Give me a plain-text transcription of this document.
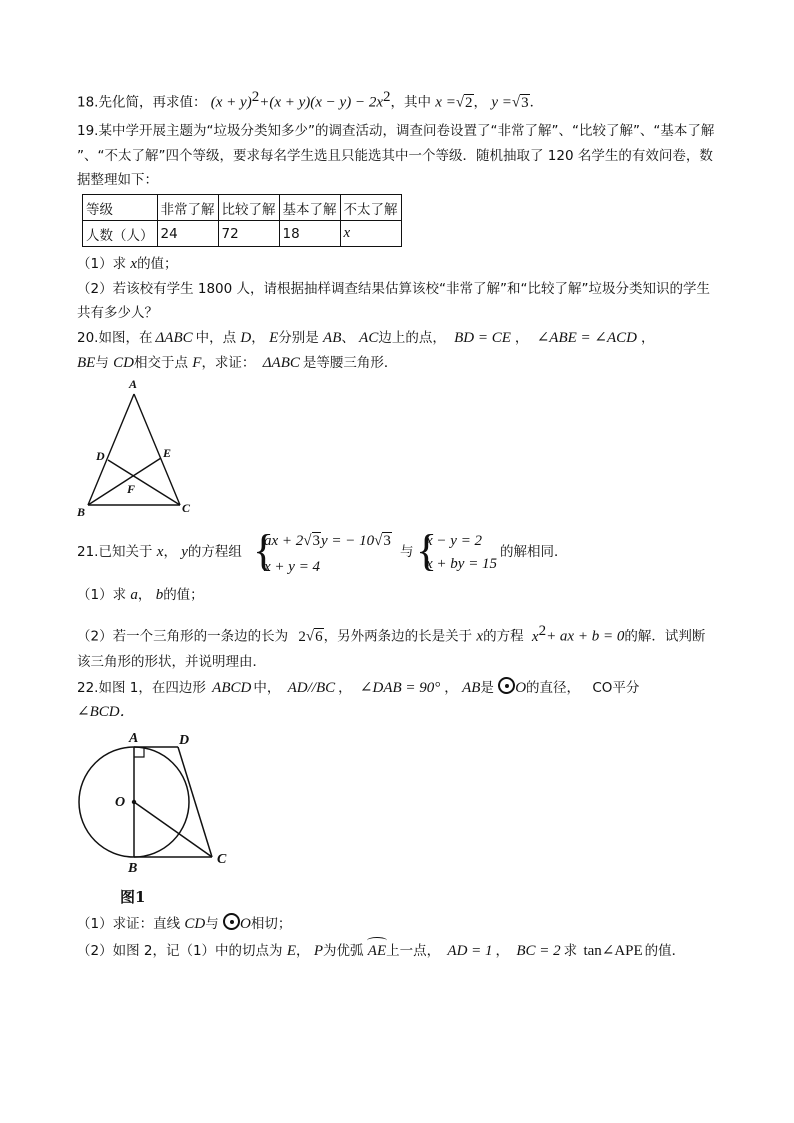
18.先化简，再求值： $(x + y)^2+(x + y)(x - y) - 2x^2$，其中 x =√2， y =√3．
19.某中学开展主题为“垃圾分类知多少”的调查活动，调查问卷设置了“非常了解”、“比较了解”、“基本了解
”、“不太了解”四个等级，要求每名学生选且只能选其中一个等级．随机抽取了 120 名学生的有效问卷，数
据整理如下：
等级	非常了解	比较了解	基本了解	不太了解
人数（人）	24	72	18	x
（1）求 x的值；
（2）若该校有学生 1800 人，请根据抽样调查结果估算该校“非常了解”和“比较了解”垃圾分类知识的学生
共有多少人？
20.如图，在 ΔABC 中，点 D， E分别是 AB、 AC边上的点， BD = CE ， ∠ABE = ∠ACD ，
BE与 CD相交于点 F，求证： ΔABC 是等腰三角形．
A
B	C
D	E
F
21.已知关于 x， y的方程组 {
ax + 2√3y = − 10√3
x + y = 4
与 {
x − y = 2
x + by = 15
的解相同．
（1）求 a， b的值；
（2）若一个三角形的一条边的长为 2√6，另外两条边的长是关于 x的方程 $x^2+$ ax + b = 0的解．试判断
该三角形的形状，并说明理由．
22.如图 1，在四边形 ABCD 中， AD//BC ， ∠DAB = 90° ， AB是 O的直径， CO平分
∠BCD．
A	D
O
B
C
图1
（1）求证：直线 CD与 O相切；
（2）如图 2，记（1）中的切点为 E， P为优弧 AE上一点， AD = 1 ， BC = 2 求 tan∠APE 的值．
